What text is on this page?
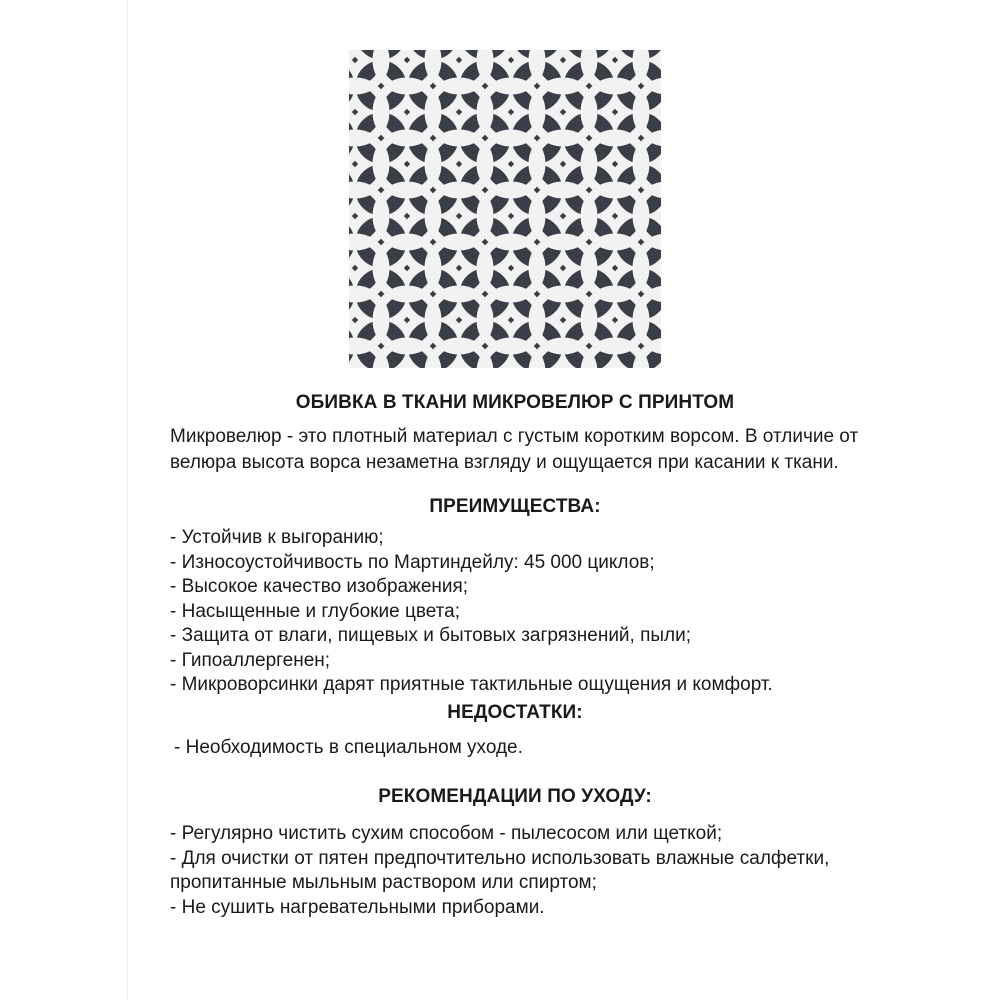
ОБИВКА В ТКАНИ МИКРОВЕЛЮР С ПРИНТОМ

Микровелюр - это плотный материал с густым коротким ворсом. В отличие от велюра высота ворса незаметна взгляду и ощущается при касании к ткани.

ПРЕИМУЩЕСТВА:
- Устойчив к выгоранию;
- Износоустойчивость по Мартиндейлу: 45 000 циклов;
- Высокое качество изображения;
- Насыщенные и глубокие цвета;
- Защита от влаги, пищевых и бытовых загрязнений, пыли;
- Гипоаллергенен;
- Микроворсинки дарят приятные тактильные ощущения и комфорт.
НЕДОСТАТКИ:
- Необходимость в специальном уходе.
РЕКОМЕНДАЦИИ ПО УХОДУ:
- Регулярно чистить сухим способом - пылесосом или щеткой;
- Для очистки от пятен предпочтительно использовать влажные салфетки, пропитанные мыльным раствором или спиртом;
- Не сушить нагревательными приборами.
